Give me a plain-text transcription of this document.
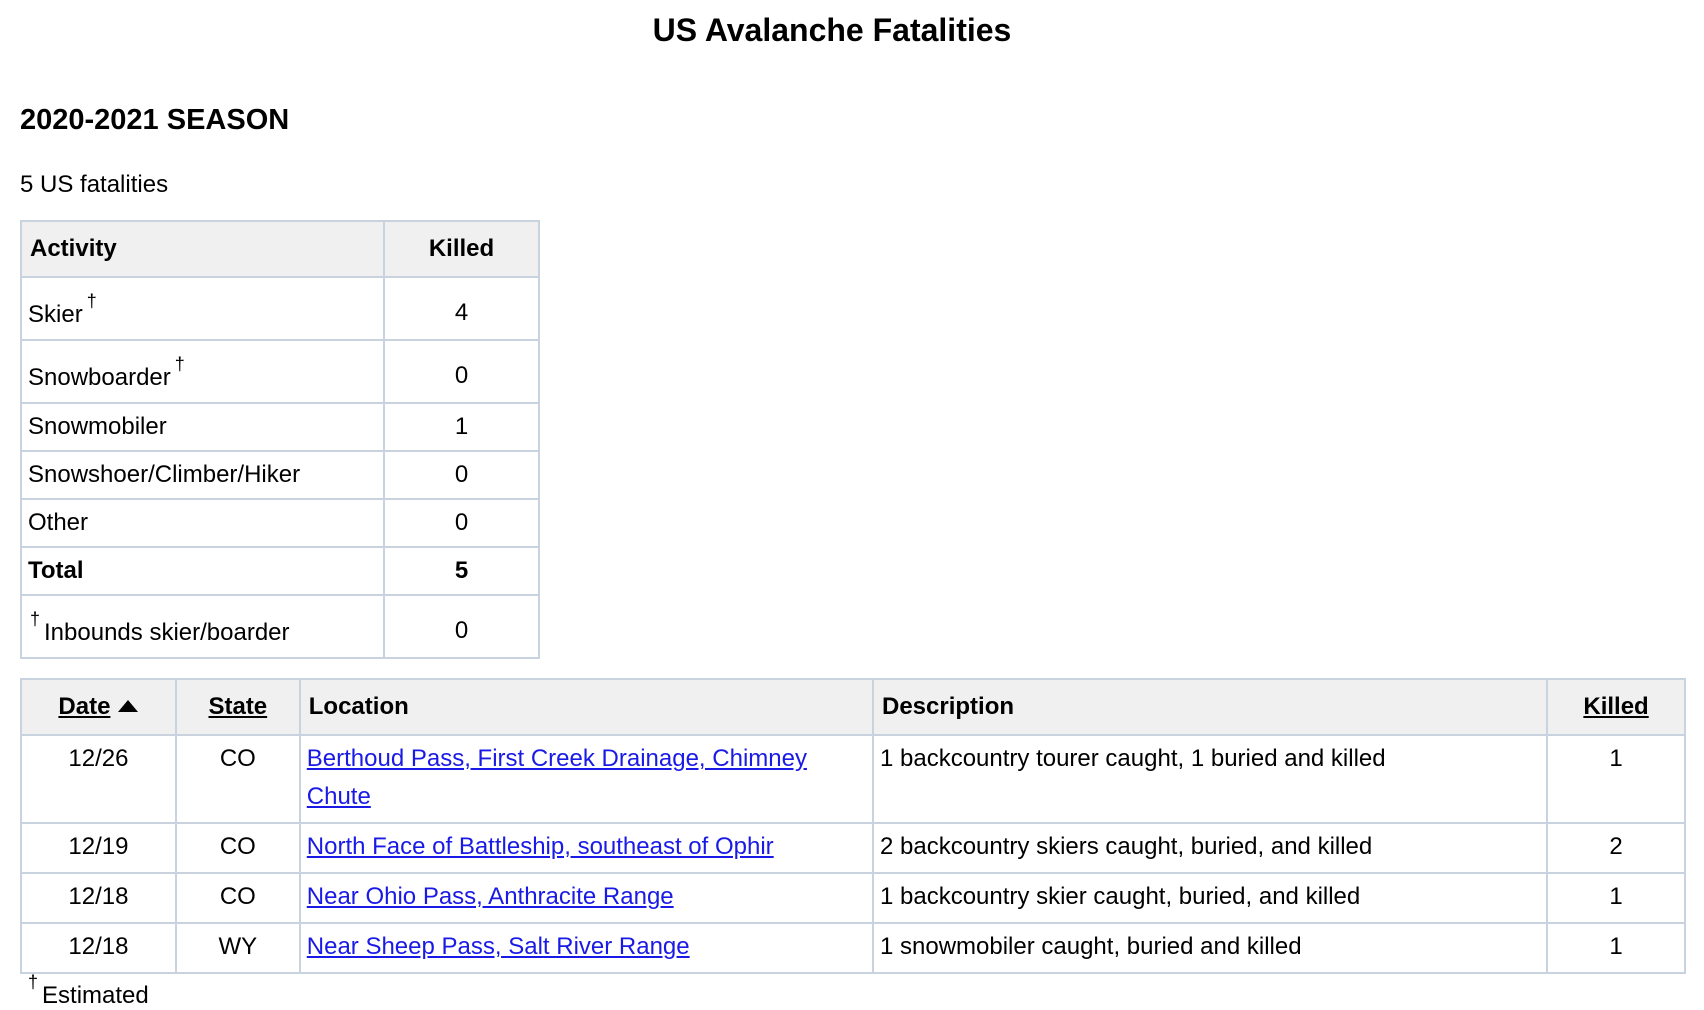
US Avalanche Fatalities
2020-2021 SEASON

5 US fatalities

Activity	Killed
Skier †	4
Snowboarder †	0
Snowmobiler	1
Snowshoer/Climber/Hiker	0
Other	0
Total	5
† Inbounds skier/boarder	0
Date	State	Location	Description	Killed
12/26	CO	Berthoud Pass, First Creek Drainage, Chimney Chute	1 backcountry tourer caught, 1 buried and killed	1
12/19	CO	North Face of Battleship, southeast of Ophir	2 backcountry skiers caught, buried, and killed	2
12/18	CO	Near Ohio Pass, Anthracite Range	1 backcountry skier caught, buried, and killed	1
12/18	WY	Near Sheep Pass, Salt River Range	1 snowmobiler caught, buried and killed	1

† Estimated
